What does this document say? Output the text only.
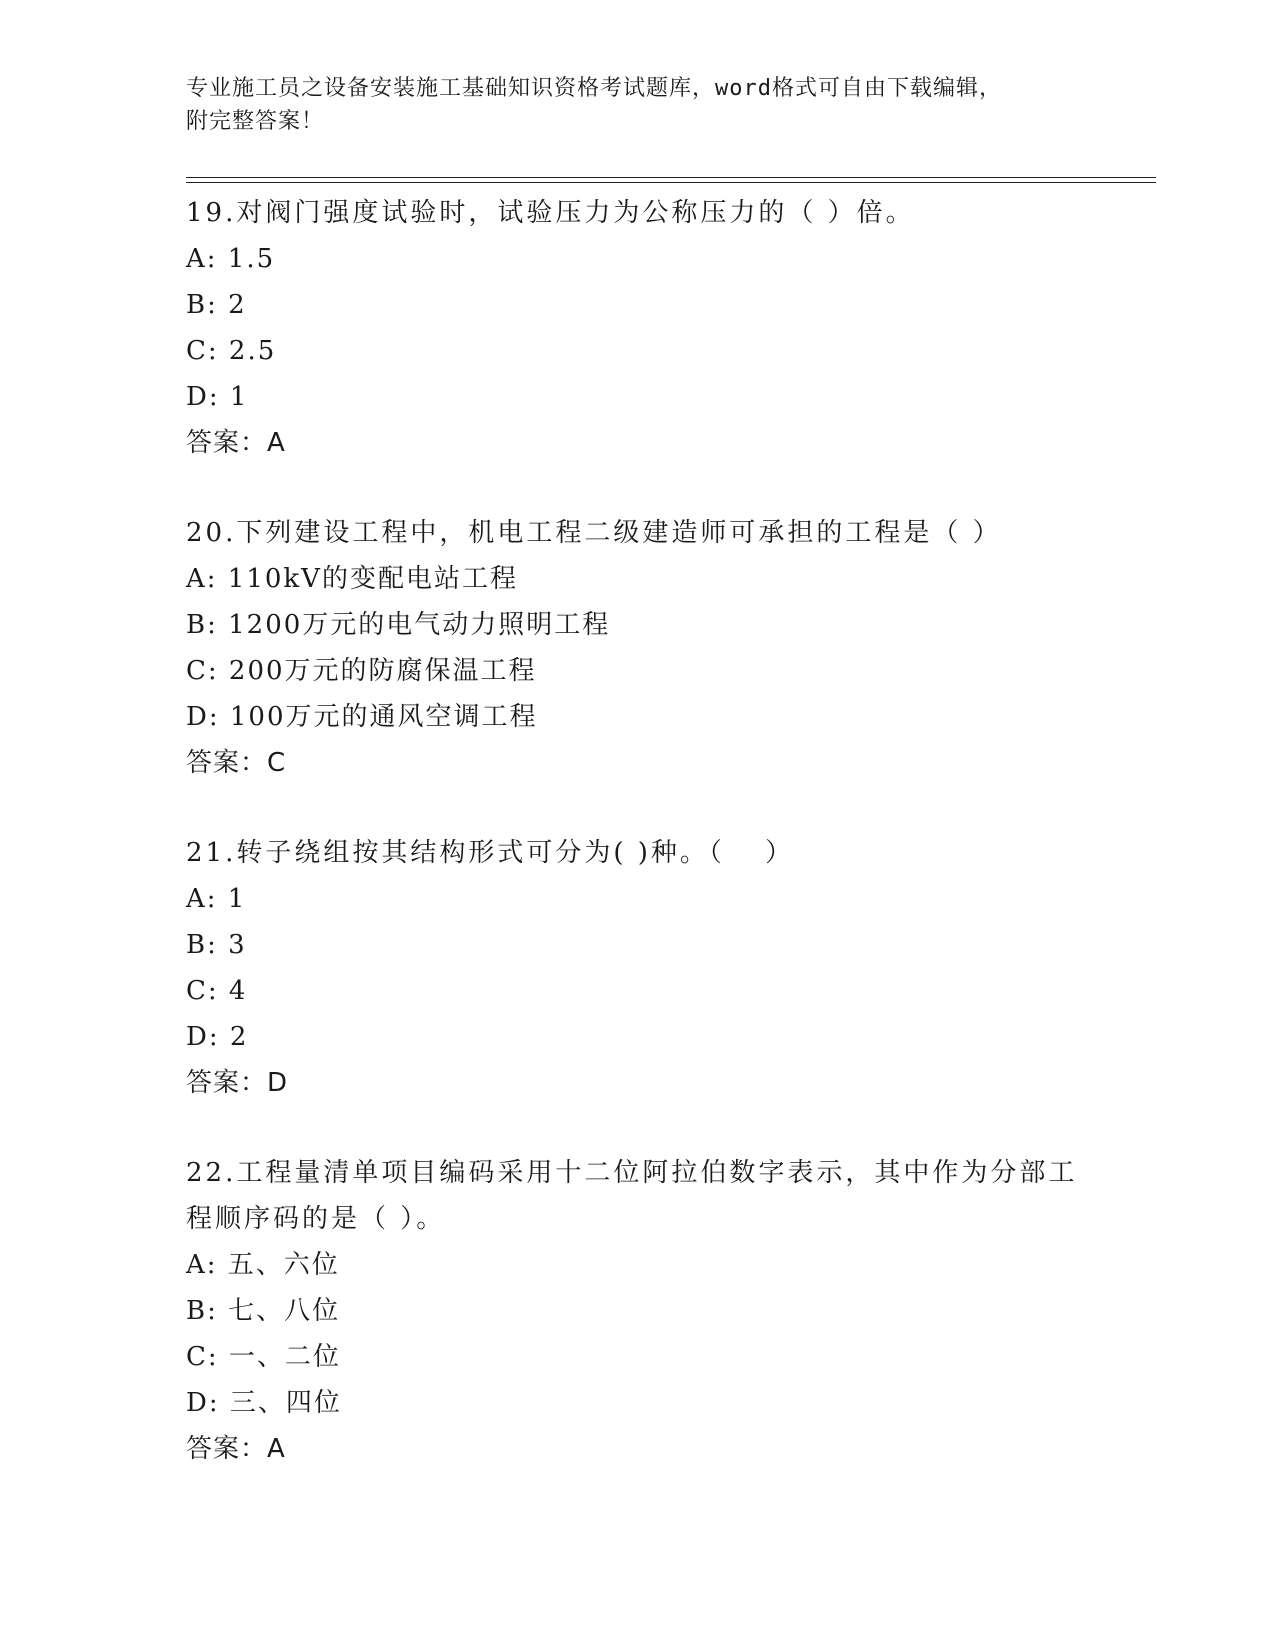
专业施工员之设备安装施工基础知识资格考试题库，word格式可自由下载编辑，
附完整答案！
19.对阀门强度试验时，试验压力为公称压力的（ ）倍。
A: 1.5
B: 2
C: 2.5
D: 1
答案：A
20.下列建设工程中，机电工程二级建造师可承担的工程是（ ）
A: 110kV的变配电站工程
B: 1200万元的电气动力照明工程
C: 200万元的防腐保温工程
D: 100万元的通风空调工程
答案：C
21.转子绕组按其结构形式可分为( )种。（　 ）
A: 1
B: 3
C: 4
D: 2
答案：D
22.工程量清单项目编码采用十二位阿拉伯数字表示，其中作为分部工程顺序码的是（ ）。
A: 五、六位
B: 七、八位
C: 一、二位
D: 三、四位
答案：A
